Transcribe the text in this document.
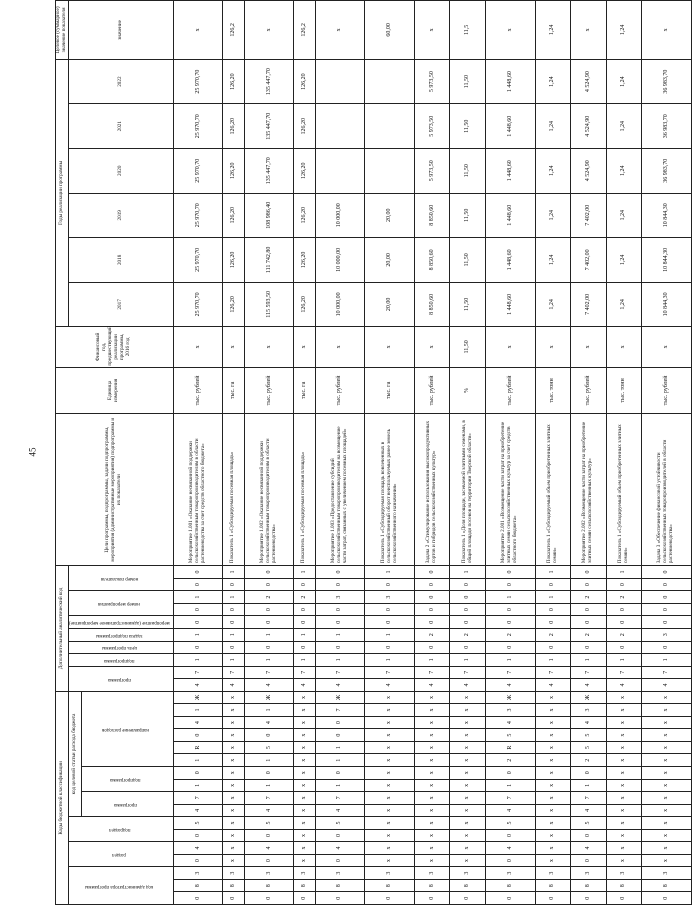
45
Коды бюджетной классификации																	Дополнительный аналитический код										Цели программы, подпрограммы, задачи подпрограммы, мероприятия (административные мероприятия) подпрограммы и их показатели	Единица измерения	Финансовый год, предшествующий реализации программы, 2016 год	Годы реализации программы						Целевое (суммарное) значение показателя
код администратора программы			раздел		подраздел		код целевой статьи расхода бюджета										программа		подпрограмма	цель программы	задача подпрограммы	мероприятие (административное мероприятие)	номер мероприятия		номер показателя					2017	2018	2019	2020	2021	2022	значение
							программа		подпрограмма		направление расходов																									
0	8	3	0	4	0	5	4	7	1	0	1	R	0	4	1	Ж	4	7	1	0	1	0	0	1	0	0	Мероприятие 1.001 «Оказание несвязанной поддержки сельскохозяйственным товаропроизводителям в области растениеводства за счет средств областного бюджета»	тыс. рублей	х	25 970,70	25 970,70	25 970,70	25 970,70	25 970,70	25 970,70	х
0	8	3	х	х	х	х	х	х	х	х	х	х	х	х	х	х	4	7	1	0	1	0	0	1	0	1	Показатель 1 «Субсидируемая посевная площадь»	тыс. га	х	126,20	126,20	126,20	126,20	126,20	126,20	126,2
0	8	3	0	4	0	5	4	7	1	0	1	5	0	4	1	Ж	4	7	1	0	1	0	0	2	0	0	Мероприятие 1.002 «Оказание несвязанной поддержки сельскохозяйственным товаропроизводителям в области растениеводства»	тыс. рублей	х	115 593,50	111 742,80	108 986,40	135 447,70	135 447,70	135 447,70	х
0	8	3	х	х	х	х	х	х	х	х	х	х	х	х	х	х	4	7	1	0	1	0	0	2	0	1	Показатель 1 «Субсидируемая посевная площадь»	тыс. га	х	126,20	126,20	126,20	126,20	126,20	126,20	126,2
0	8	3	0	4	0	5	4	7	1	0	1	1	0	0	7	Ж	4	7	1	0	1	0	0	3	0	0	Мероприятие 1.003 «Предоставление субсидий сельскохозяйственным товаропроизводителям на возмещение части затрат, связанных с увеличением посевных площадей»	тыс. рублей	х	10 000,00	10 000,00	10 000,00				х
0	8	3	х	х	х	х	х	х	х	х	х	х	х	х	х	х	4	7	1	0	1	0	0	3	0	1	Показатель 1 «Субсидируемая площадь вовлеченных в сельскохозяйственный оборот неиспользуемых ранее земель сельскохозяйственного назначения»	тыс. га	х	20,00	20,00	20,00				60,00
0	8	3	х	х	х	х	х	х	х	х	х	х	х	х	х	х	4	7	1	0	2	0	0	0	0	0	Задача 2 «Стимулирование использования высокопродуктивных сортов и гибридов сельскохозяйственных культур»	тыс. рублей	х	8 850,60	8 850,60	8 850,60	5 973,50	5 973,50	5 973,50	х
0	8	3	х	х	х	х	х	х	х	х	х	х	х	х	х	х	4	7	1	0	2	0	0	0	0	1	Показатель 1 «Доля площади, засеваемой элитными семенами, в общей площади посевов на территории Тверской области»	%	11,50	11,50	11,50	11,50	11,50	11,50	11,50	11,5
0	8	3	0	4	0	5	4	7	1	0	2	R	5	4	3	Ж	4	7	1	0	2	0	0	1	0	0	Мероприятие 2.001 «Возмещение части затрат на приобретение элитных семян сельскохозяйственных культур за счет средств областного бюджета»	тыс. рублей	х	1 448,60	1 448,60	1 448,60	1 448,60	1 448,60	1 448,60	х
0	8	3	х	х	х	х	х	х	х	х	х	х	х	х	х	х	4	7	1	0	2	0	0	1	0	1	Показатель 1 «Субсидируемый объем приобретенных элитных семян»	тыс. тонн	х	1,24	1,24	1,24	1,24	1,24	1,24	1,24
0	8	3	0	4	0	5	4	7	1	0	2	5	5	4	3	Ж	4	7	1	0	2	0	0	2	0	0	Мероприятие 2.002 «Возмещение части затрат на приобретение элитных семян сельскохозяйственных культур»	тыс. рублей	х	7 402,00	7 402,00	7 402,00	4 524,90	4 524,90	4 524,90	х
0	8	3	х	х	х	х	х	х	х	х	х	х	х	х	х	х	4	7	1	0	2	0	0	2	0	1	Показатель 1 «Субсидируемый объем приобретенных элитных семян»	тыс. тонн	х	1,24	1,24	1,24	1,24	1,24	1,24	1,24
0	8	3	х	х	х	х	х	х	х	х	х	х	х	х	х	х	4	7	1	0	3	0	0	0	0	0	Задача 3 «Обеспечение финансовой устойчивости сельскохозяйственных товаропроизводителей в области растениеводства»	тыс. рублей	х	10 844,30	10 844,30	10 844,30	36 983,70	36 983,70	36 983,70	х
